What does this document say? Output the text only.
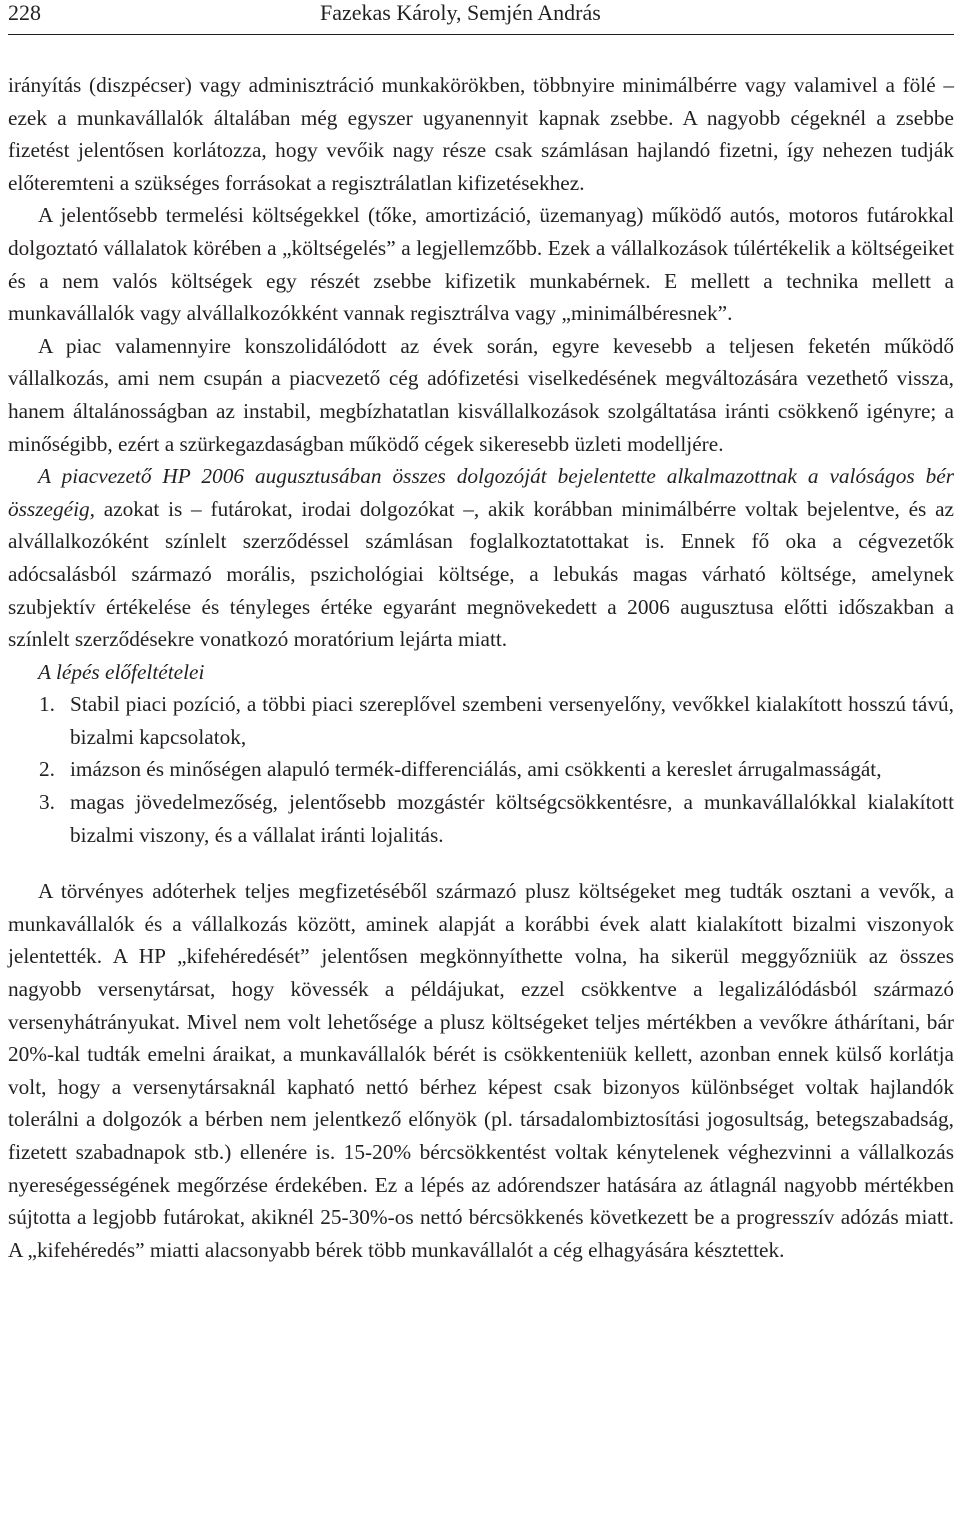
228	Fazekas Károly, Semjén András

irányítás (diszpécser) vagy adminisztráció munkakörökben, többnyire minimálbérre vagy valamivel a fölé – ezek a munkavállalók általában még egyszer ugyanennyit kapnak zsebbe. A nagyobb cégeknél a zsebbe fizetést jelentősen korlátozza, hogy vevőik nagy része csak számlásan hajlandó fizetni, így nehezen tudják előteremteni a szükséges forrásokat a regisztrálatlan kifizetésekhez.

A jelentősebb termelési költségekkel (tőke, amortizáció, üzemanyag) működő autós, motoros futárokkal dolgoztató vállalatok körében a „költségelés” a legjellemzőbb. Ezek a vállalkozások túlértékelik a költségeiket és a nem valós költségek egy részét zsebbe kifizetik munkabérnek. E mellett a technika mellett a munkavállalók vagy alvállalkozókként vannak regisztrálva vagy „minimálbéresnek”.

A piac valamennyire konszolidálódott az évek során, egyre kevesebb a teljesen feketén működő vállalkozás, ami nem csupán a piacvezető cég adófizetési viselkedésének megváltozására vezethető vissza, hanem általánosságban az instabil, megbízhatatlan kisvállalkozások szolgáltatása iránti csökkenő igényre; a minőségibb, ezért a szürkegazdaságban működő cégek sikeresebb üzleti modelljére.

A piacvezető HP 2006 augusztusában összes dolgozóját bejelentette alkalmazottnak a valóságos bér összegéig, azokat is – futárokat, irodai dolgozókat –, akik korábban minimálbérre voltak bejelentve, és az alvállalkozóként színlelt szerződéssel számlásan foglalkoztatottakat is. Ennek fő oka a cégvezetők adócsalásból származó morális, pszichológiai költsége, a lebukás magas várható költsége, amelynek szubjektív értékelése és tényleges értéke egyaránt megnövekedett a 2006 augusztusa előtti időszakban a színlelt szerződésekre vonatkozó moratórium lejárta miatt.

A lépés előfeltételei
1. Stabil piaci pozíció, a többi piaci szereplővel szembeni versenyelőny, vevőkkel kialakított hosszú távú, bizalmi kapcsolatok,
2. imázson és minőségen alapuló termék-differenciálás, ami csökkenti a kereslet árrugalmasságát,
3. magas jövedelmezőség, jelentősebb mozgástér költségcsökkentésre, a munkavállalókkal kialakított bizalmi viszony, és a vállalat iránti lojalitás.

A törvényes adóterhek teljes megfizetéséből származó plusz költségeket meg tudták osztani a vevők, a munkavállalók és a vállalkozás között, aminek alapját a korábbi évek alatt kialakított bizalmi viszonyok jelentették. A HP „kifehéredését” jelentősen megkönnyíthette volna, ha sikerül meggyőzniük az összes nagyobb versenytársat, hogy kövessék a példájukat, ezzel csökkentve a legalizálódásból származó versenyhátrányukat. Mivel nem volt lehetősége a plusz költségeket teljes mértékben a vevőkre áthárítani, bár 20%-kal tudták emelni áraikat, a munkavállalók bérét is csökkenteniük kellett, azonban ennek külső korlátja volt, hogy a versenytársaknál kapható nettó bérhez képest csak bizonyos különbséget voltak hajlandók tolerálni a dolgozók a bérben nem jelentkező előnyök (pl. társadalombiztosítási jogosultság, betegszabadság, fizetett szabadnapok stb.) ellenére is. 15-20% bércsökkentést voltak kénytelenek véghezvinni a vállalkozás nyereségességének megőrzése érdekében. Ez a lépés az adórendszer hatására az átlagnál nagyobb mértékben sújtotta a legjobb futárokat, akiknél 25-30%-os nettó bércsökkenés következett be a progresszív adózás miatt. A „kifehéredés” miatti alacsonyabb bérek több munkavállalót a cég elhagyására késztettek.
